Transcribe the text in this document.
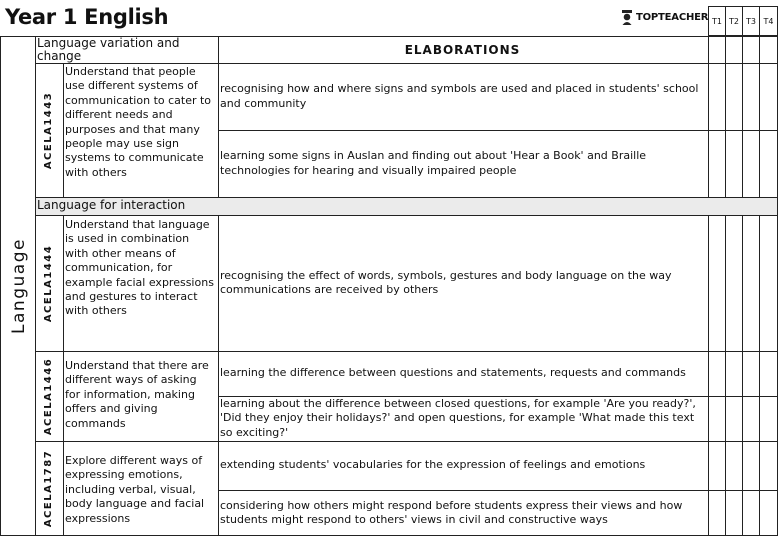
Year 1 English	TOPTEACHER T1 T2 T3 T4
Language
Language variation and change	ELABORATIONS
ACELA1443
Understand that people use different systems of communication to cater to different needs and purposes and that many people may use sign systems to communicate with others
recognising how and where signs and symbols are used and placed in students' school and community
learning some signs in Auslan and finding out about 'Hear a Book' and Braille technologies for hearing and visually impaired people
Language for interaction
ACELA1444
Understand that language is used in combination with other means of communication, for example facial expressions and gestures to interact with others
recognising the effect of words, symbols, gestures and body language on the way communications are received by others
ACELA1446 Understand that there are different ways of asking for information, making offers and giving commands
learning the difference between questions and statements, requests and commands
learning about the difference between closed questions, for example 'Are you ready?', 'Did they enjoy their holidays?' and open questions, for example 'What made this text so exciting?'
ACELA1787 Explore different ways of expressing emotions, including verbal, visual, body language and facial expressions
extending students' vocabularies for the expression of feelings and emotions
considering how others might respond before students express their views and how students might respond to others' views in civil and constructive ways
